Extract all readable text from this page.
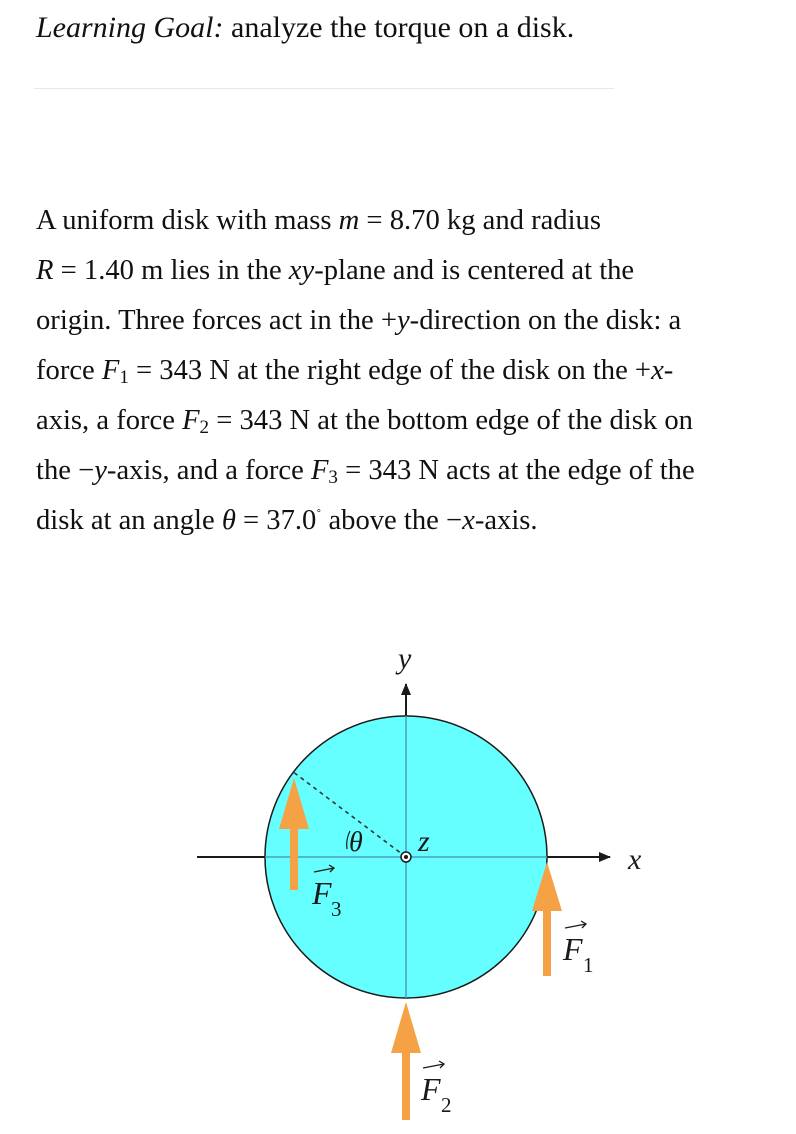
Learning Goal: analyze the torque on a disk.

A uniform disk with mass m = 8.70 kg and radius
R = 1.40 m lies in the xy-plane and is centered at the
origin. Three forces act in the +y-direction on the disk: a
force $F_1 = 343$ N at the right edge of the disk on the +x-
axis, a force $F_2 = 343$ N at the bottom edge of the disk on
the −y-axis, and a force $F_3 = 343$ N acts at the edge of the
disk at an angle θ = 37.0˚ above the −x-axis.

y
x
z
θ
F 3
F 1
F 2
